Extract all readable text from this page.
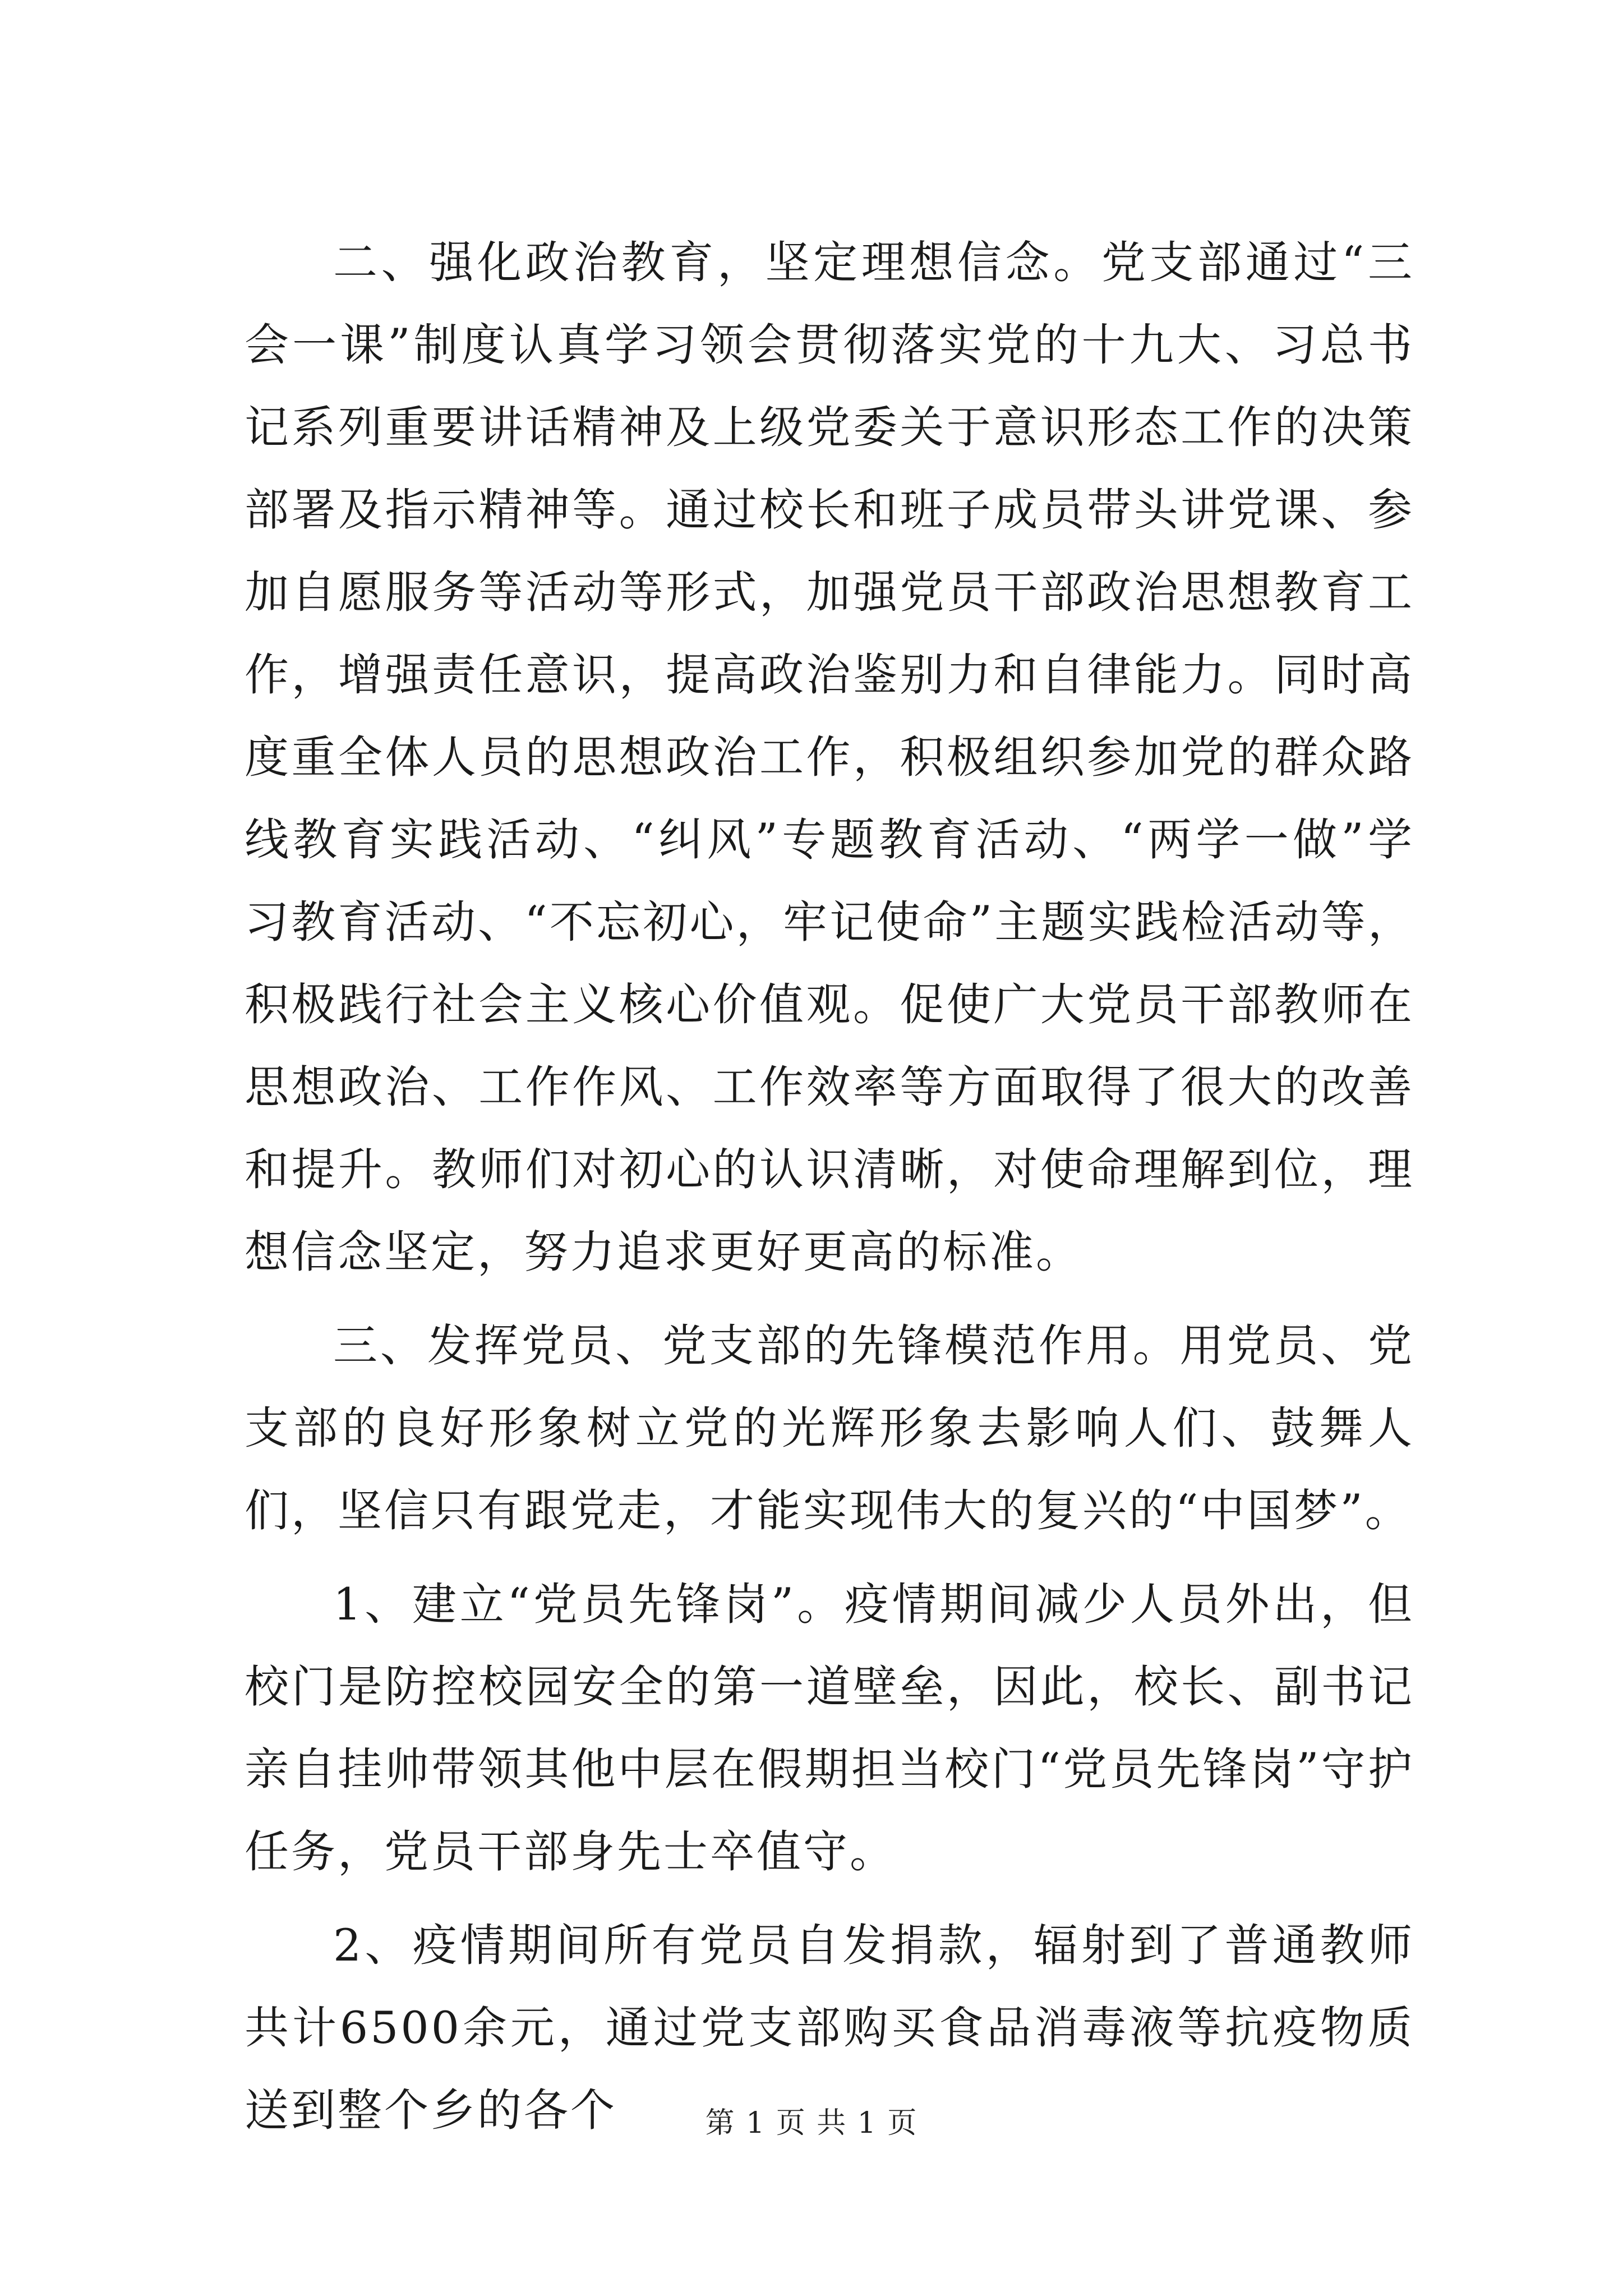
二、强化政治教育，坚定理想信念。党支部通过“三会一课”制度认真学习领会贯彻落实党的十九大、习总书记系列重要讲话精神及上级党委关于意识形态工作的决策部署及指示精神等。通过校长和班子成员带头讲党课、参加自愿服务等活动等形式，加强党员干部政治思想教育工作，增强责任意识，提高政治鉴别力和自律能力。同时高度重全体人员的思想政治工作，积极组织参加党的群众路线教育实践活动、“纠风”专题教育活动、“两学一做”学习教育活动、“不忘初心，牢记使命”主题实践检活动等，积极践行社会主义核心价值观。促使广大党员干部教师在思想政治、工作作风、工作效率等方面取得了很大的改善和提升。教师们对初心的认识清晰，对使命理解到位，理想信念坚定，努力追求更好更高的标准。

三、发挥党员、党支部的先锋模范作用。用党员、党支部的良好形象树立党的光辉形象去影响人们、鼓舞人们，坚信只有跟党走，才能实现伟大的复兴的“中国梦”。

1、建立“党员先锋岗”。疫情期间减少人员外出，但校门是防控校园安全的第一道壁垒，因此，校长、副书记亲自挂帅带领其他中层在假期担当校门“党员先锋岗”守护任务，党员干部身先士卒值守。

2、疫情期间所有党员自发捐款，辐射到了普通教师共计6500余元，通过党支部购买食品消毒液等抗疫物质送到整个乡的各个	第 1 页 共 1 页
